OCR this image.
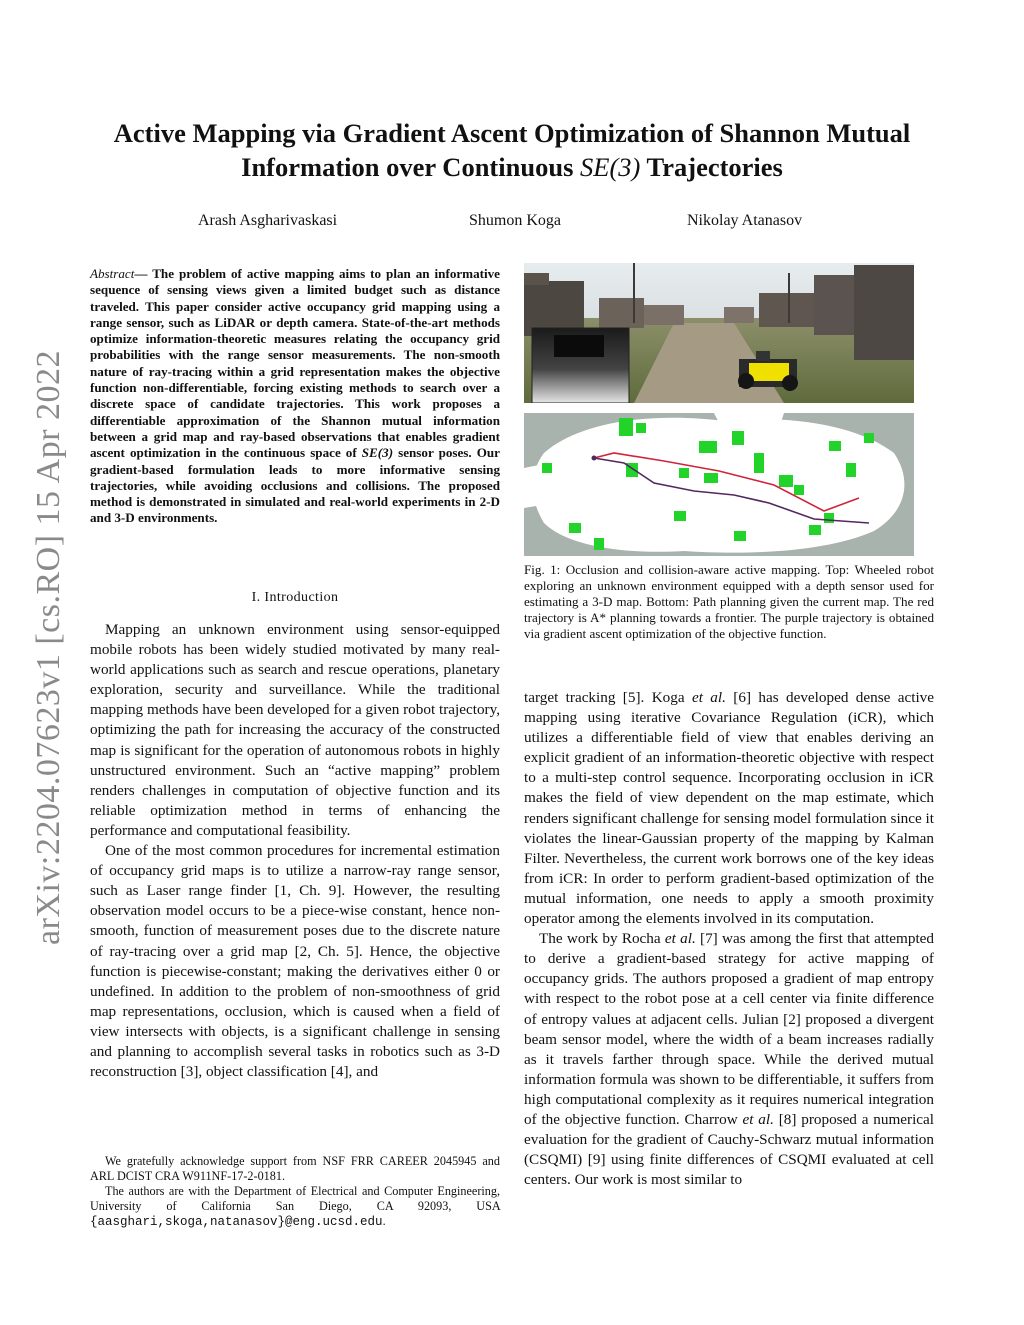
arXiv:2204.07623v1 [cs.RO] 15 Apr 2022
Active Mapping via Gradient Ascent Optimization of Shannon Mutual
Information over Continuous SE(3) Trajectories
Arash Asgharivaskasi	Shumon Koga	Nikolay Atanasov
Abstract— The problem of active mapping aims to plan an informative sequence of sensing views given a limited budget such as distance traveled. This paper consider active occupancy grid mapping using a range sensor, such as LiDAR or depth camera. State-of-the-art methods optimize information-theoretic measures relating the occupancy grid probabilities with the range sensor measurements. The non-smooth nature of ray-tracing within a grid representation makes the objective function non-differentiable, forcing existing methods to search over a discrete space of candidate trajectories. This work proposes a differentiable approximation of the Shannon mutual information between a grid map and ray-based observations that enables gradient ascent optimization in the continuous space of SE(3) sensor poses. Our gradient-based formulation leads to more informative sensing trajectories, while avoiding occlusions and collisions. The proposed method is demonstrated in simulated and real-world experiments in 2-D and 3-D environments.
I. Introduction

Mapping an unknown environment using sensor-equipped mobile robots has been widely studied motivated by many real-world applications such as search and rescue operations, planetary exploration, security and surveillance. While the traditional mapping methods have been developed for a given robot trajectory, optimizing the path for increasing the accuracy of the constructed map is significant for the operation of autonomous robots in highly unstructured environment. Such an “active mapping” problem renders challenges in computation of objective function and its reliable optimization method in terms of enhancing the performance and computational feasibility.

One of the most common procedures for incremental estimation of occupancy grid maps is to utilize a narrow-ray range sensor, such as Laser range finder [1, Ch. 9]. However, the resulting observation model occurs to be a piece-wise constant, hence non-smooth, function of measurement poses due to the discrete nature of ray-tracing over a grid map [2, Ch. 5]. Hence, the objective function is piecewise-constant; making the derivatives either 0 or undefined. In addition to the problem of non-smoothness of grid map representations, occlusion, which is caused when a field of view intersects with objects, is a significant challenge in sensing and planning to accomplish several tasks in robotics such as 3-D reconstruction [3], object classification [4], and

We gratefully acknowledge support from NSF FRR CAREER 2045945 and ARL DCIST CRA W911NF-17-2-0181.

The authors are with the Department of Electrical and Computer Engineering, University of California San Diego, CA 92093, USA {aasghari,skoga,natanasov}@eng.ucsd.edu.

Fig. 1: Occlusion and collision-aware active mapping. Top: Wheeled robot exploring an unknown environment equipped with a depth sensor used for estimating a 3-D map. Bottom: Path planning given the current map. The red trajectory is A* planning towards a frontier. The purple trajectory is obtained via gradient ascent optimization of the objective function.

target tracking [5]. Koga et al. [6] has developed dense active mapping using iterative Covariance Regulation (iCR), which utilizes a differentiable field of view that enables deriving an explicit gradient of an information-theoretic objective with respect to a multi-step control sequence. Incorporating occlusion in iCR makes the field of view dependent on the map estimate, which renders significant challenge for sensing model formulation since it violates the linear-Gaussian property of the mapping by Kalman Filter. Nevertheless, the current work borrows one of the key ideas from iCR: In order to perform gradient-based optimization of the mutual information, one needs to apply a smooth proximity operator among the elements involved in its computation.

The work by Rocha et al. [7] was among the first that attempted to derive a gradient-based strategy for active mapping of occupancy grids. The authors proposed a gradient of map entropy with respect to the robot pose at a cell center via finite difference of entropy values at adjacent cells. Julian [2] proposed a divergent beam sensor model, where the width of a beam increases radially as it travels farther through space. While the derived mutual information formula was shown to be differentiable, it suffers from high computational complexity as it requires numerical integration of the objective function. Charrow et al. [8] proposed a numerical evaluation for the gradient of Cauchy-Schwarz mutual information (CSQMI) [9] using finite differences of CSQMI evaluated at cell centers. Our work is most similar to
